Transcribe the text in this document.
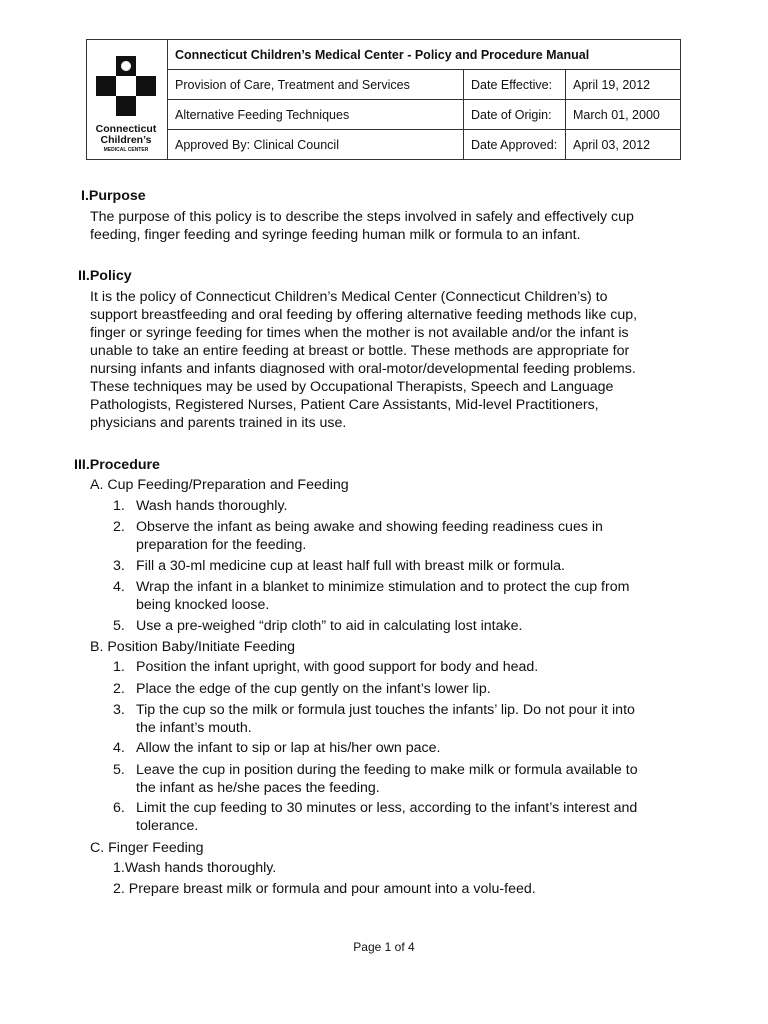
Connecticut
Children’s
MEDICAL CENTER	Connecticut Children’s Medical Center - Policy and Procedure Manual		
	Provision of Care, Treatment and Services	Date Effective:	April 19, 2012
	Alternative Feeding Techniques	Date of Origin:	March 01, 2000
	Approved By: Clinical Council	Date Approved:	April 03, 2012
I.Purpose
The purpose of this policy is to describe the steps involved in safely and effectively cup
feeding, finger feeding and syringe feeding human milk or formula to an infant.
II.Policy
It is the policy of Connecticut Children’s Medical Center (Connecticut Children’s) to
support breastfeeding and oral feeding by offering alternative feeding methods like cup,
finger or syringe feeding for times when the mother is not available and/or the infant is
unable to take an entire feeding at breast or bottle. These methods are appropriate for
nursing infants and infants diagnosed with oral-motor/developmental feeding problems.
These techniques may be used by Occupational Therapists, Speech and Language
Pathologists, Registered Nurses, Patient Care Assistants, Mid-level Practitioners,
physicians and parents trained in its use.
III.Procedure
A. Cup Feeding/Preparation and Feeding
1. Wash hands thoroughly.
2. Observe the infant as being awake and showing feeding readiness cues in
preparation for the feeding.
3. Fill a 30-ml medicine cup at least half full with breast milk or formula.
4. Wrap the infant in a blanket to minimize stimulation and to protect the cup from
being knocked loose.
5. Use a pre-weighed “drip cloth” to aid in calculating lost intake.
B. Position Baby/Initiate Feeding
1. Position the infant upright, with good support for body and head.
2. Place the edge of the cup gently on the infant’s lower lip.
3. Tip the cup so the milk or formula just touches the infants’ lip. Do not pour it into
the infant’s mouth.
4. Allow the infant to sip or lap at his/her own pace.
5. Leave the cup in position during the feeding to make milk or formula available to
the infant as he/she paces the feeding.
6. Limit the cup feeding to 30 minutes or less, according to the infant’s interest and
tolerance.
C. Finger Feeding
1.Wash hands thoroughly.
2. Prepare breast milk or formula and pour amount into a volu-feed.
Page 1 of 4
